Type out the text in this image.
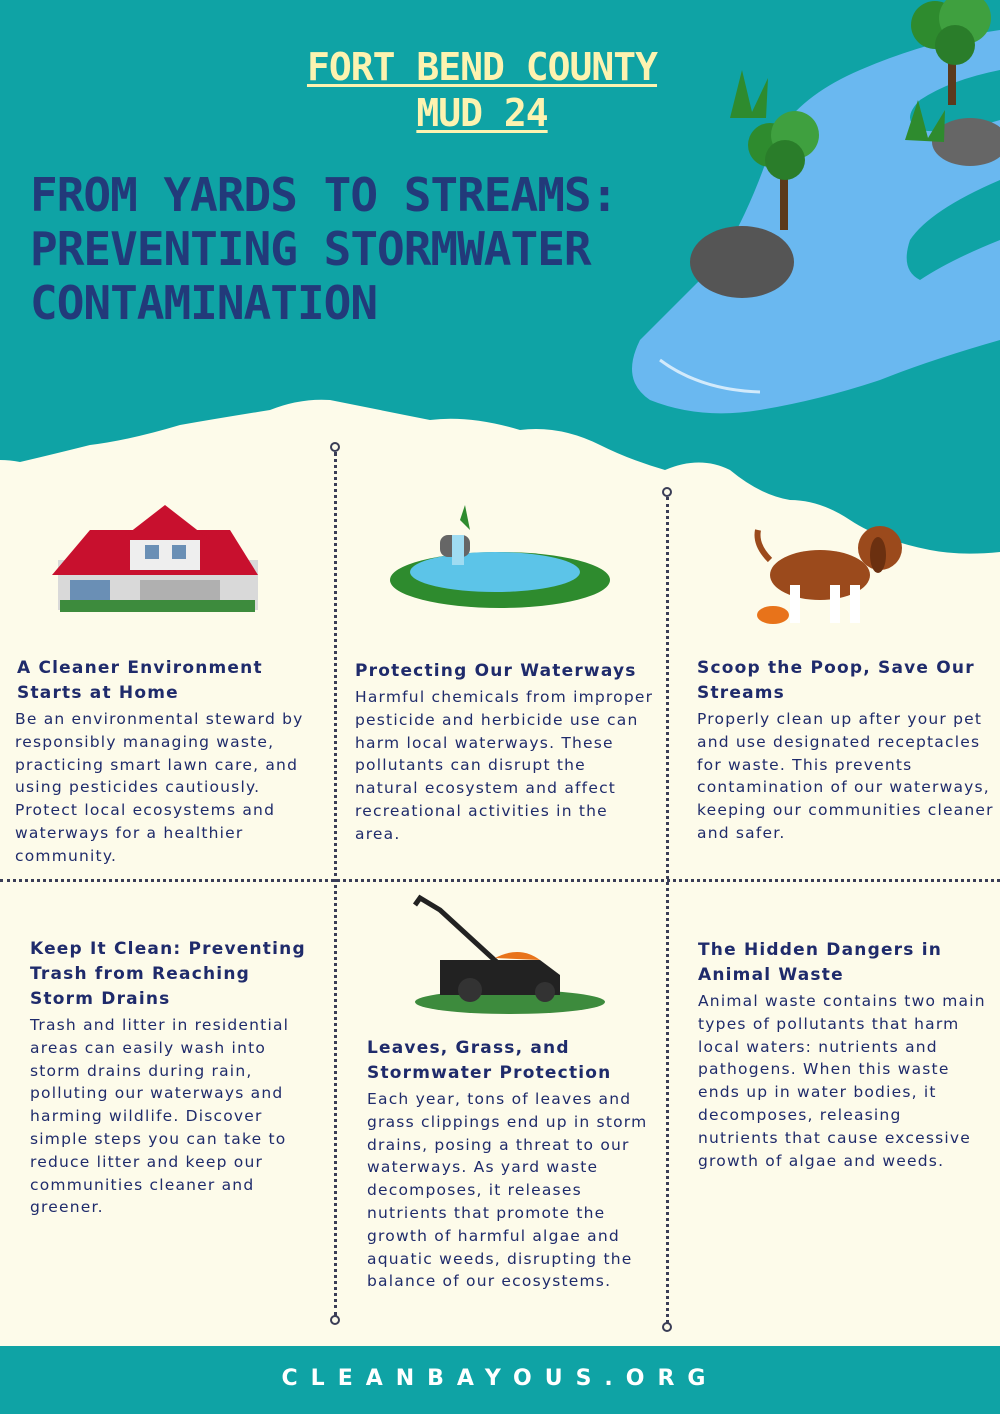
FORT BEND COUNTY
MUD 24
FROM YARDS TO STREAMS:
PREVENTING STORMWATER
CONTAMINATION
A Cleaner Environment Starts at Home

Be an environmental steward by responsibly managing waste, practicing smart lawn care, and using pesticides cautiously. Protect local ecosystems and waterways for a healthier community.

Protecting Our Waterways

Harmful chemicals from improper pesticide and herbicide use can harm local waterways. These pollutants can disrupt the natural ecosystem and affect recreational activities in the area.

Scoop the Poop, Save Our Streams

Properly clean up after your pet and use designated receptacles for waste. This prevents contamination of our waterways, keeping our communities cleaner and safer.

Keep It Clean: Preventing Trash from Reaching Storm Drains

Trash and litter in residential areas can easily wash into storm drains during rain, polluting our waterways and harming wildlife. Discover simple steps you can take to reduce litter and keep our communities cleaner and greener.

Leaves, Grass, and Stormwater Protection

Each year, tons of leaves and grass clippings end up in storm drains, posing a threat to our waterways. As yard waste decomposes, it releases nutrients that promote the growth of harmful algae and aquatic weeds, disrupting the balance of our ecosystems.

The Hidden Dangers in Animal Waste

Animal waste contains two main types of pollutants that harm local waters: nutrients and pathogens. When this waste ends up in water bodies, it decomposes, releasing nutrients that cause excessive growth of algae and weeds.

CLEANBAYOUS.ORG
